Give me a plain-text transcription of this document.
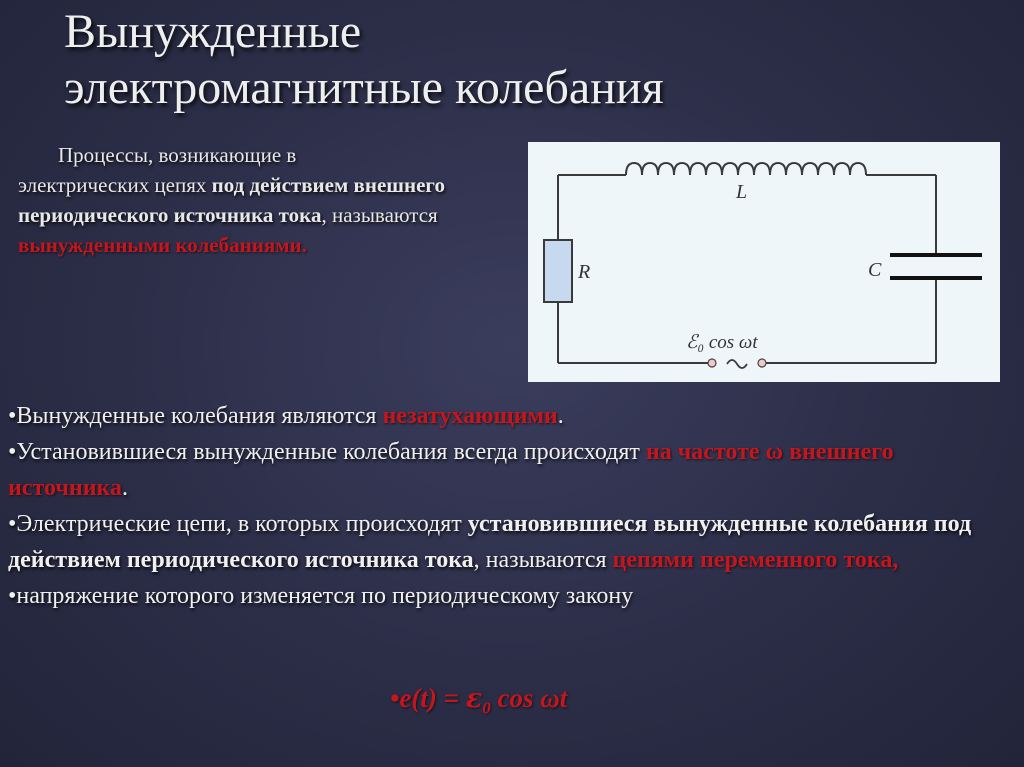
Вынужденные
электромагнитные колебания
Процессы, возникающие в
электрических цепях под действием внешнего периодического источника тока, называются вынужденными колебаниями.
L
R	C
ℰ₀ cos ωt

•Вынужденные колебания являются незатухающими.

•Установившиеся вынужденные колебания всегда происходят на частоте ω внешнего источника.

•Электрические цепи, в которых происходят установившиеся вынужденные колебания под действием периодического источника тока, называются цепями переменного тока,

•напряжение которого изменяется по периодическому закону

•e(t) = $\varepsilon_0$ cos ωt
